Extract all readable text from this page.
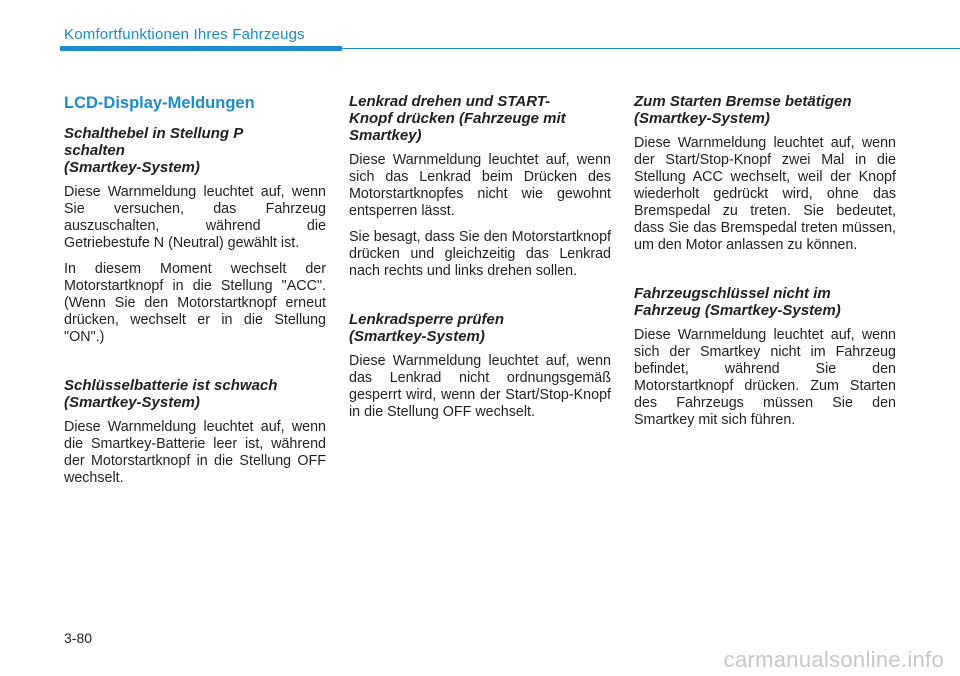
Komfortfunktionen Ihres Fahrzeugs
LCD-Display-Meldungen
Schalthebel in Stellung P schalten
(Smartkey-System)
Diese Warnmeldung leuchtet auf, wenn Sie versuchen, das Fahrzeug auszuschalten, während die Getriebestufe N (Neutral) gewählt ist.
In diesem Moment wechselt der Motorstartknopf in die Stellung "ACC". (Wenn Sie den Motorstartknopf erneut drücken, wechselt er in die Stellung "ON".)
Schlüsselbatterie ist schwach (Smartkey-System)
Diese Warnmeldung leuchtet auf, wenn die Smartkey-Batterie leer ist, während der Motorstartknopf in die Stellung OFF wechselt.
Lenkrad drehen und START-Knopf drücken (Fahrzeuge mit Smartkey)
Diese Warnmeldung leuchtet auf, wenn sich das Lenkrad beim Drücken des Motorstartknopfes nicht wie gewohnt entsperren lässt.
Sie besagt, dass Sie den Motorstartknopf drücken und gleichzeitig das Lenkrad nach rechts und links drehen sollen.
Lenkradsperre prüfen (Smartkey-System)
Diese Warnmeldung leuchtet auf, wenn das Lenkrad nicht ordnungsgemäß gesperrt wird, wenn der Start/Stop-Knopf in die Stellung OFF wechselt.
Zum Starten Bremse betätigen (Smartkey-System)
Diese Warnmeldung leuchtet auf, wenn der Start/Stop-Knopf zwei Mal in die Stellung ACC wechselt, weil der Knopf wiederholt gedrückt wird, ohne das Bremspedal zu treten. Sie bedeutet, dass Sie das Bremspedal treten müssen, um den Motor anlassen zu können.
Fahrzeugschlüssel nicht im Fahrzeug (Smartkey-System)
Diese Warnmeldung leuchtet auf, wenn sich der Smartkey nicht im Fahrzeug befindet, während Sie den Motorstartknopf drücken. Zum Starten des Fahrzeugs müssen Sie den Smartkey mit sich führen.
3-80
carmanualsonline.info
